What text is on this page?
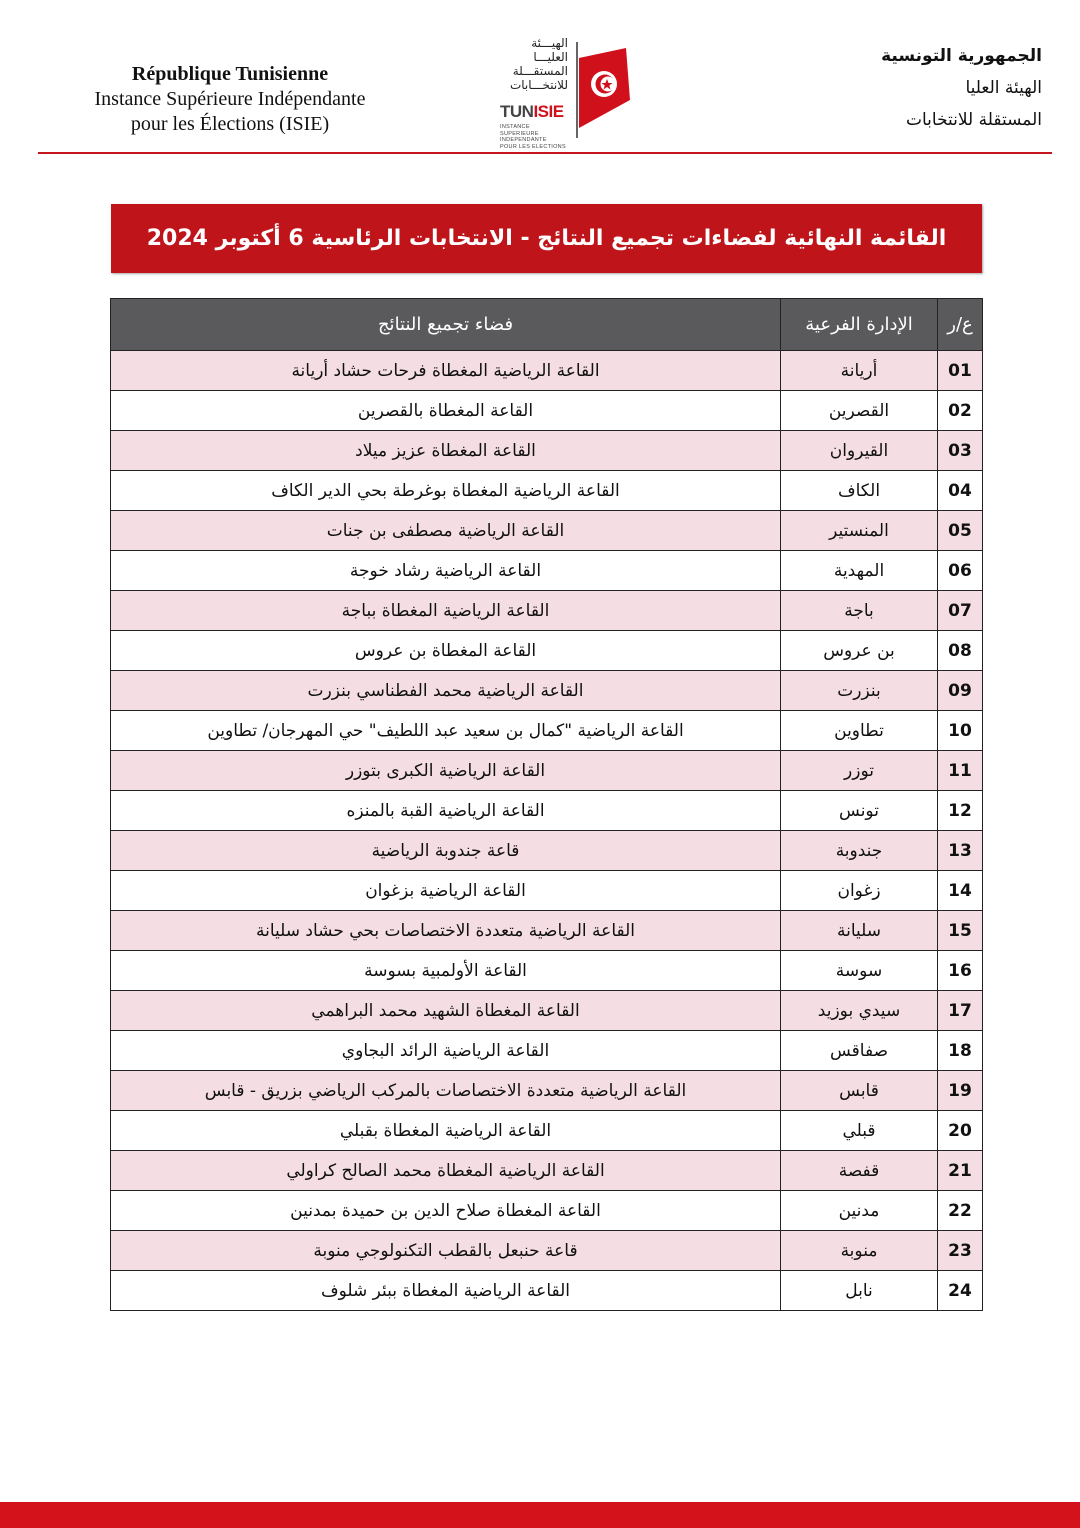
République Tunisienne
Instance Supérieure Indépendante
pour les Élections (ISIE)
الهيـــئة
العليـــا
المستقـــلة
للانتخـــابات
TUNISIE
INSTANCE SUPERIEURE
INDEPENDANTE
POUR LES ELECTIONS
الجمهورية التونسية
الهيئة العليا
المستقلة للانتخابات
القائمة النهائية لفضاءات تجميع النتائج - الانتخابات الرئاسية 6 أكتوبر 2024
ع/ر	الإدارة الفرعية	فضاء تجميع النتائج
01	أريانة	القاعة الرياضية المغطاة فرحات حشاد أريانة
02	القصرين	القاعة المغطاة بالقصرين
03	القيروان	القاعة المغطاة عزيز ميلاد
04	الكاف	القاعة الرياضية المغطاة بوغرطة بحي الدير الكاف
05	المنستير	القاعة الرياضية مصطفى بن جنات
06	المهدية	القاعة الرياضية رشاد خوجة
07	باجة	القاعة الرياضية المغطاة بباجة
08	بن عروس	القاعة المغطاة بن عروس
09	بنزرت	القاعة الرياضية محمد الفطناسي بنزرت
10	تطاوين	القاعة الرياضية "كمال بن سعيد عبد اللطيف" حي المهرجان/ تطاوين
11	توزر	القاعة الرياضية الكبرى بتوزر
12	تونس	القاعة الرياضية القبة بالمنزه
13	جندوبة	قاعة جندوبة الرياضية
14	زغوان	القاعة الرياضية بزغوان
15	سليانة	القاعة الرياضية متعددة الاختصاصات بحي حشاد سليانة
16	سوسة	القاعة الأولمبية بسوسة
17	سيدي بوزيد	القاعة المغطاة الشهيد محمد البراهمي
18	صفاقس	القاعة الرياضية الرائد البجاوي
19	قابس	القاعة الرياضية متعددة الاختصاصات بالمركب الرياضي بزريق - قابس
20	قبلي	القاعة الرياضية المغطاة بقبلي
21	قفصة	القاعة الرياضية المغطاة محمد الصالح كراولي
22	مدنين	القاعة المغطاة صلاح الدين بن حميدة بمدنين
23	منوبة	قاعة حنبعل بالقطب التكنولوجي منوبة
24	نابل	القاعة الرياضية المغطاة ببئر شلوف
